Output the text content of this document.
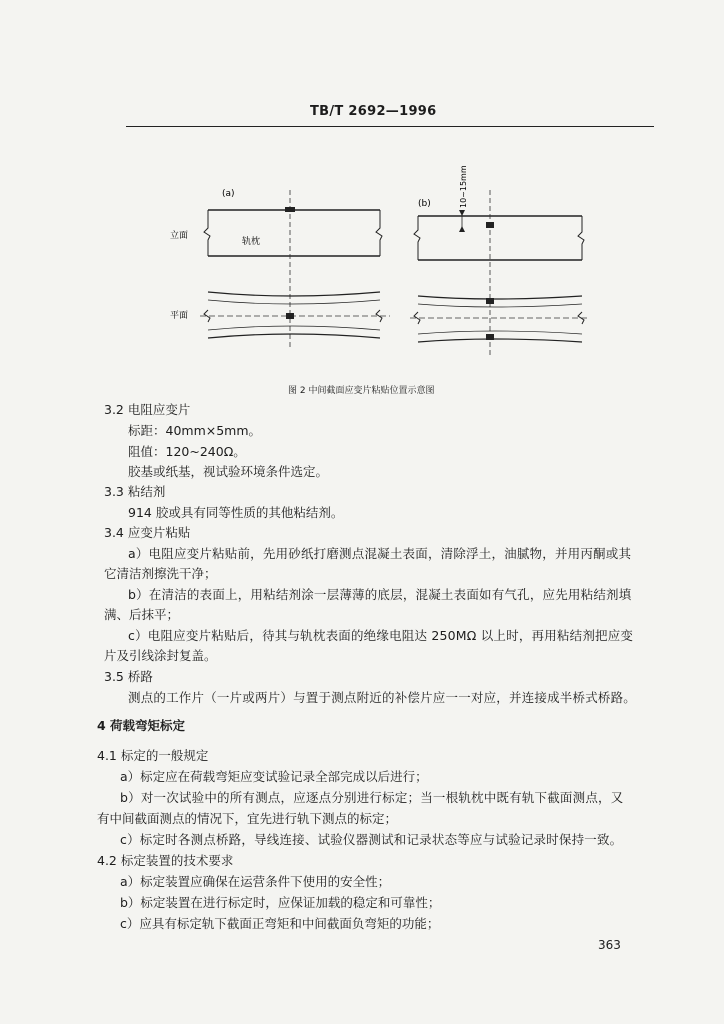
TB/T 2692—1996
(a)
轨枕
立面
平面
(b)	10~15mm
图 2 中间截面应变片粘贴位置示意图
3.2 电阻应变片
标距：40mm×5mm。
阻值：120~240Ω。
胶基或纸基，视试验环境条件选定。
3.3 粘结剂
914 胶或具有同等性质的其他粘结剂。
3.4 应变片粘贴
a）电阻应变片粘贴前，先用砂纸打磨测点混凝土表面，清除浮土，油腻物，并用丙酮或其
它清洁剂擦洗干净；
b）在清洁的表面上，用粘结剂涂一层薄薄的底层，混凝土表面如有气孔，应先用粘结剂填
满、后抹平；
c）电阻应变片粘贴后，待其与轨枕表面的绝缘电阻达 250MΩ 以上时，再用粘结剂把应变
片及引线涂封复盖。
3.5 桥路
测点的工作片（一片或两片）与置于测点附近的补偿片应一一对应，并连接成半桥式桥路。
4 荷载弯矩标定
4.1 标定的一般规定
a）标定应在荷载弯矩应变试验记录全部完成以后进行；
b）对一次试验中的所有测点，应逐点分别进行标定；当一根轨枕中既有轨下截面测点，又
有中间截面测点的情况下，宜先进行轨下测点的标定；
c）标定时各测点桥路，导线连接、试验仪器测试和记录状态等应与试验记录时保持一致。
4.2 标定装置的技术要求
a）标定装置应确保在运营条件下使用的安全性；
b）标定装置在进行标定时，应保证加载的稳定和可靠性；
c）应具有标定轨下截面正弯矩和中间截面负弯矩的功能；
363
